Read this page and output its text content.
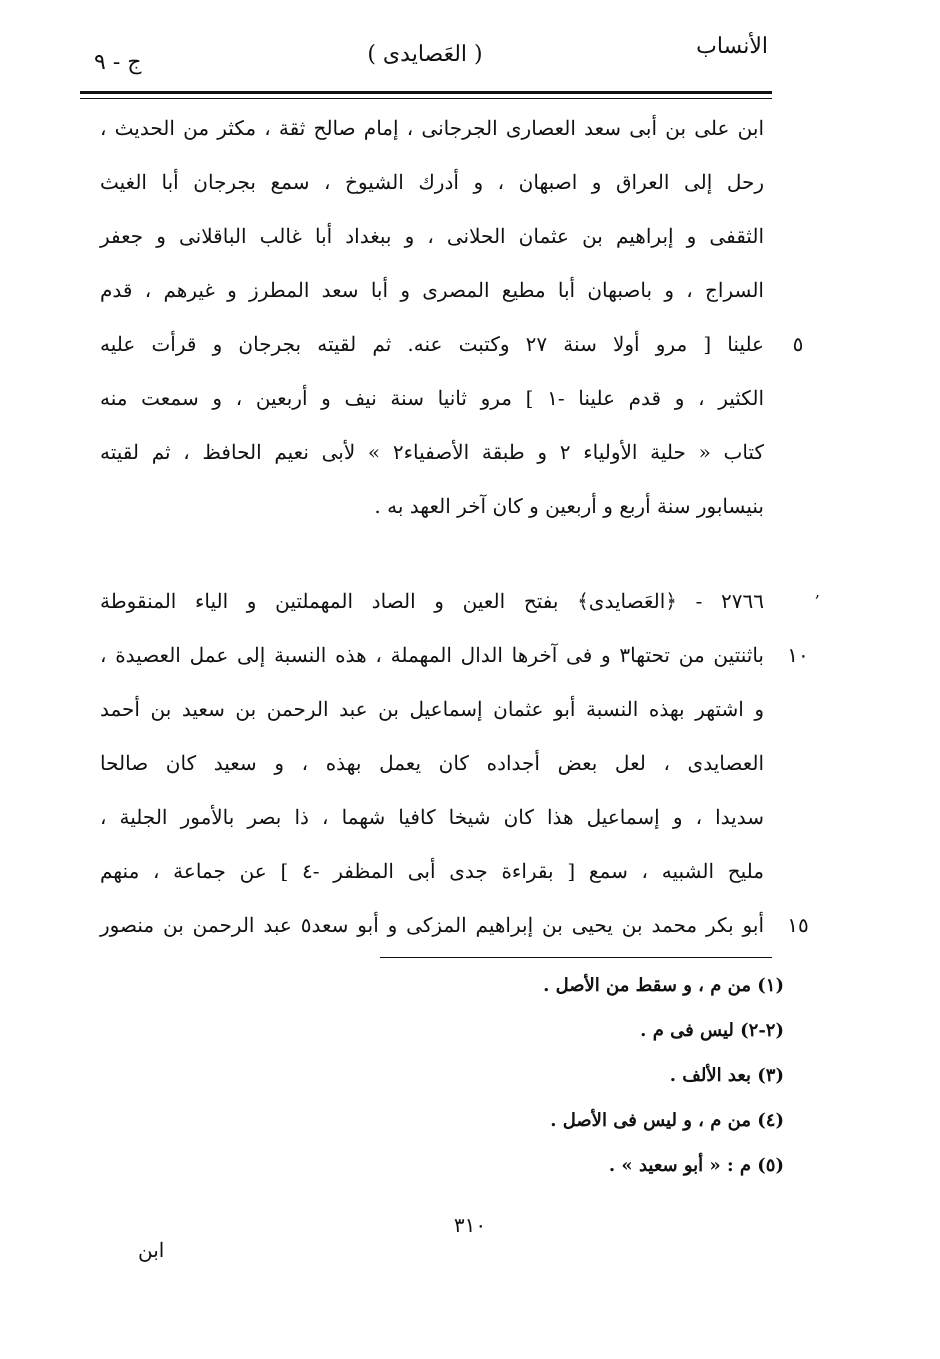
ج - ٩	( العَصايدى )	الأنساب
ابن على بن أبى سعد العصارى الجرجانى ، إمام صالح ثقة ، مكثر من الحديث ،
رحل إلى العراق و اصبهان ، و أدرك الشيوخ ، سمع بجرجان أبا الغيث
الثقفى و إبراهيم بن عثمان الحلانى ، و ببغداد أبا غالب الباقلانى و جعفر
السراج ، و باصبهان أبا مطيع المصرى و أبا سعد المطرز و غيرهم ، قدم
علينا [ مرو أولا سنة ٢٧ وكتبت عنه. ثم لقيته بجرجان و قرأت عليه
الكثير ، و قدم علينا -١ ] مرو ثانيا سنة نيف و أربعين ، و سمعت منه
كتاب « حلية الأولياء ٢ و طبقة الأصفياء٢ » لأبى نعيم الحافظ ، ثم لقيته
بنيسابور سنة أربع و أربعين و كان آخر العهد به .
٢٧٦٦ - ﴿العَصايدى﴾ بفتح العين و الصاد المهملتين و الياء المنقوطة
باثنتين من تحتها٣ و فى آخرها الدال المهملة ، هذه النسبة إلى عمل العصيدة ،
و اشتهر بهذه النسبة أبو عثمان إسماعيل بن عبد الرحمن بن سعيد بن أحمد
العصايدى ، لعل بعض أجداده كان يعمل بهذه ، و سعيد كان صالحا
سديدا ، و إسماعيل هذا كان شيخا كافيا شهما ، ذا بصر بالأمور الجلية ،
مليح الشبيه ، سمع [ بقراءة جدى أبى المظفر -٤ ] عن جماعة ، منهم
أبو بكر محمد بن يحيى بن إبراهيم المزكى و أبو سعد٥ عبد الرحمن بن منصور
,
(١) من م ، و سقط من الأصل .
(٢-٢) ليس فى م .
(٣) بعد الألف .
(٤) من م ، و ليس فى الأصل .
(٥) م : « أبو سعيد » .
٣١٠
ابن
٥
١٠
١٥
